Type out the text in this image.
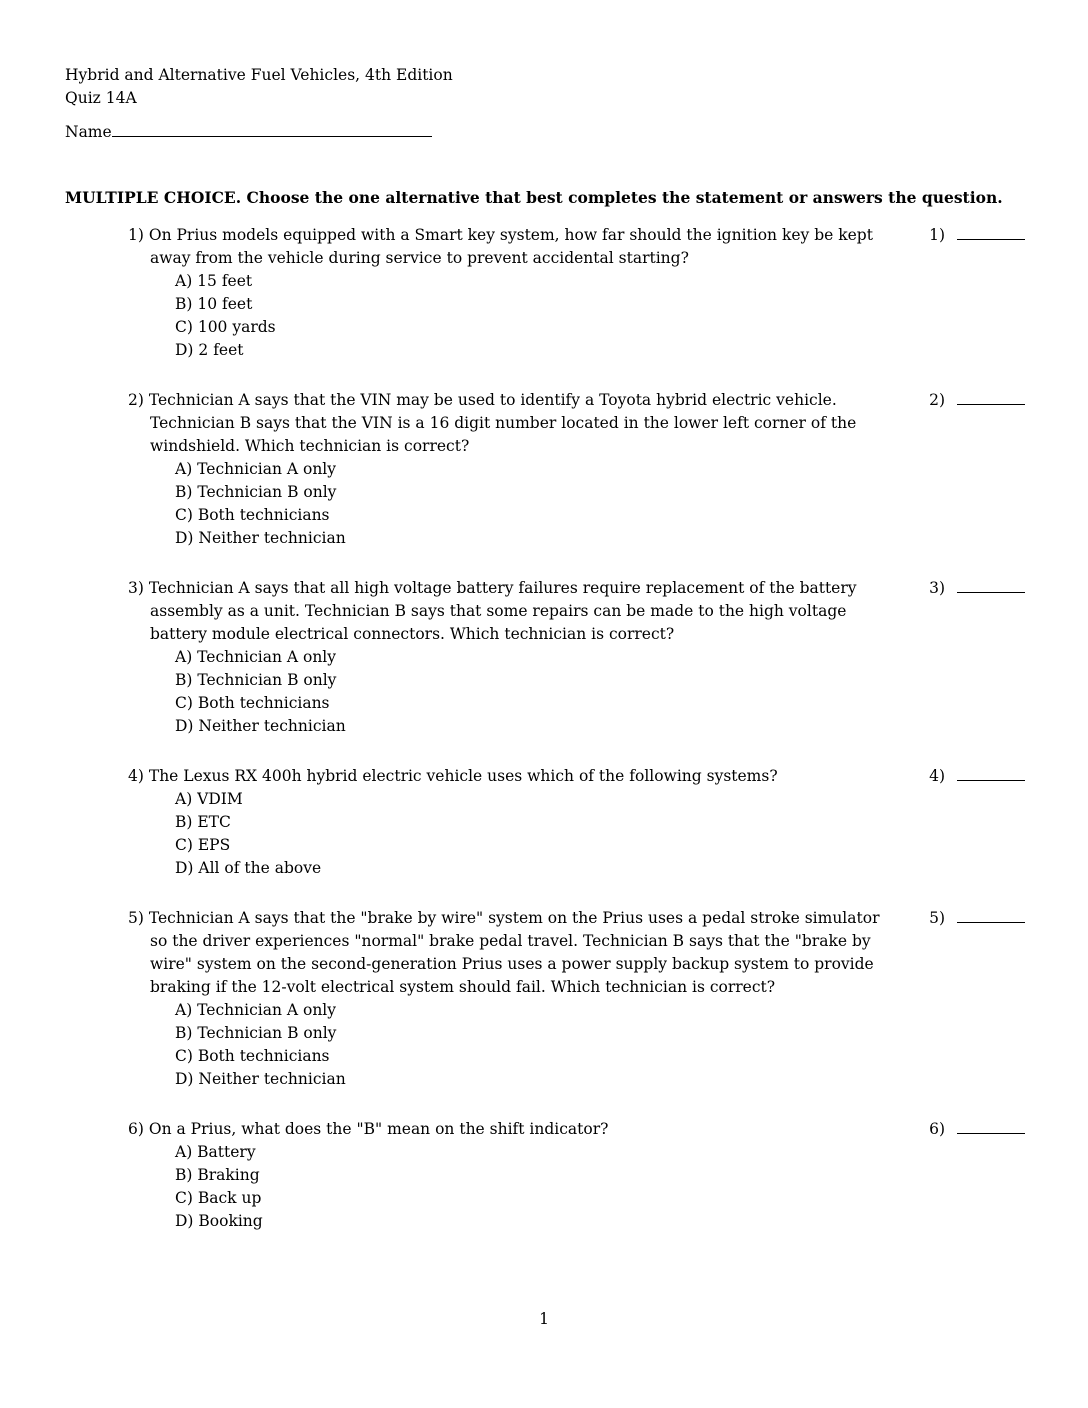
Hybrid and Alternative Fuel Vehicles, 4th Edition
Quiz 14A
Name
MULTIPLE CHOICE. Choose the one alternative that best completes the statement or answers the question.

1) On Prius models equipped with a Smart key system, how far should the ignition key be kept away from the vehicle during service to prevent accidental starting?

A) 15 feet
B) 10 feet
C) 100 yards
D) 2 feet
1)

2) Technician A says that the VIN may be used to identify a Toyota hybrid electric vehicle. Technician B says that the VIN is a 16 digit number located in the lower left corner of the windshield. Which technician is correct?

A) Technician A only
B) Technician B only
C) Both technicians
D) Neither technician
2)

3) Technician A says that all high voltage battery failures require replacement of the battery assembly as a unit. Technician B says that some repairs can be made to the high voltage battery module electrical connectors. Which technician is correct?

A) Technician A only
B) Technician B only
C) Both technicians
D) Neither technician
3)

4) The Lexus RX 400h hybrid electric vehicle uses which of the following systems?

A) VDIM
B) ETC
C) EPS
D) All of the above
4)

5) Technician A says that the "brake by wire" system on the Prius uses a pedal stroke simulator so the driver experiences "normal" brake pedal travel. Technician B says that the "brake by wire" system on the second-generation Prius uses a power supply backup system to provide braking if the 12-volt electrical system should fail. Which technician is correct?

A) Technician A only
B) Technician B only
C) Both technicians
D) Neither technician
5)

6) On a Prius, what does the "B" mean on the shift indicator?

A) Battery
B) Braking
C) Back up
D) Booking
6)
1
